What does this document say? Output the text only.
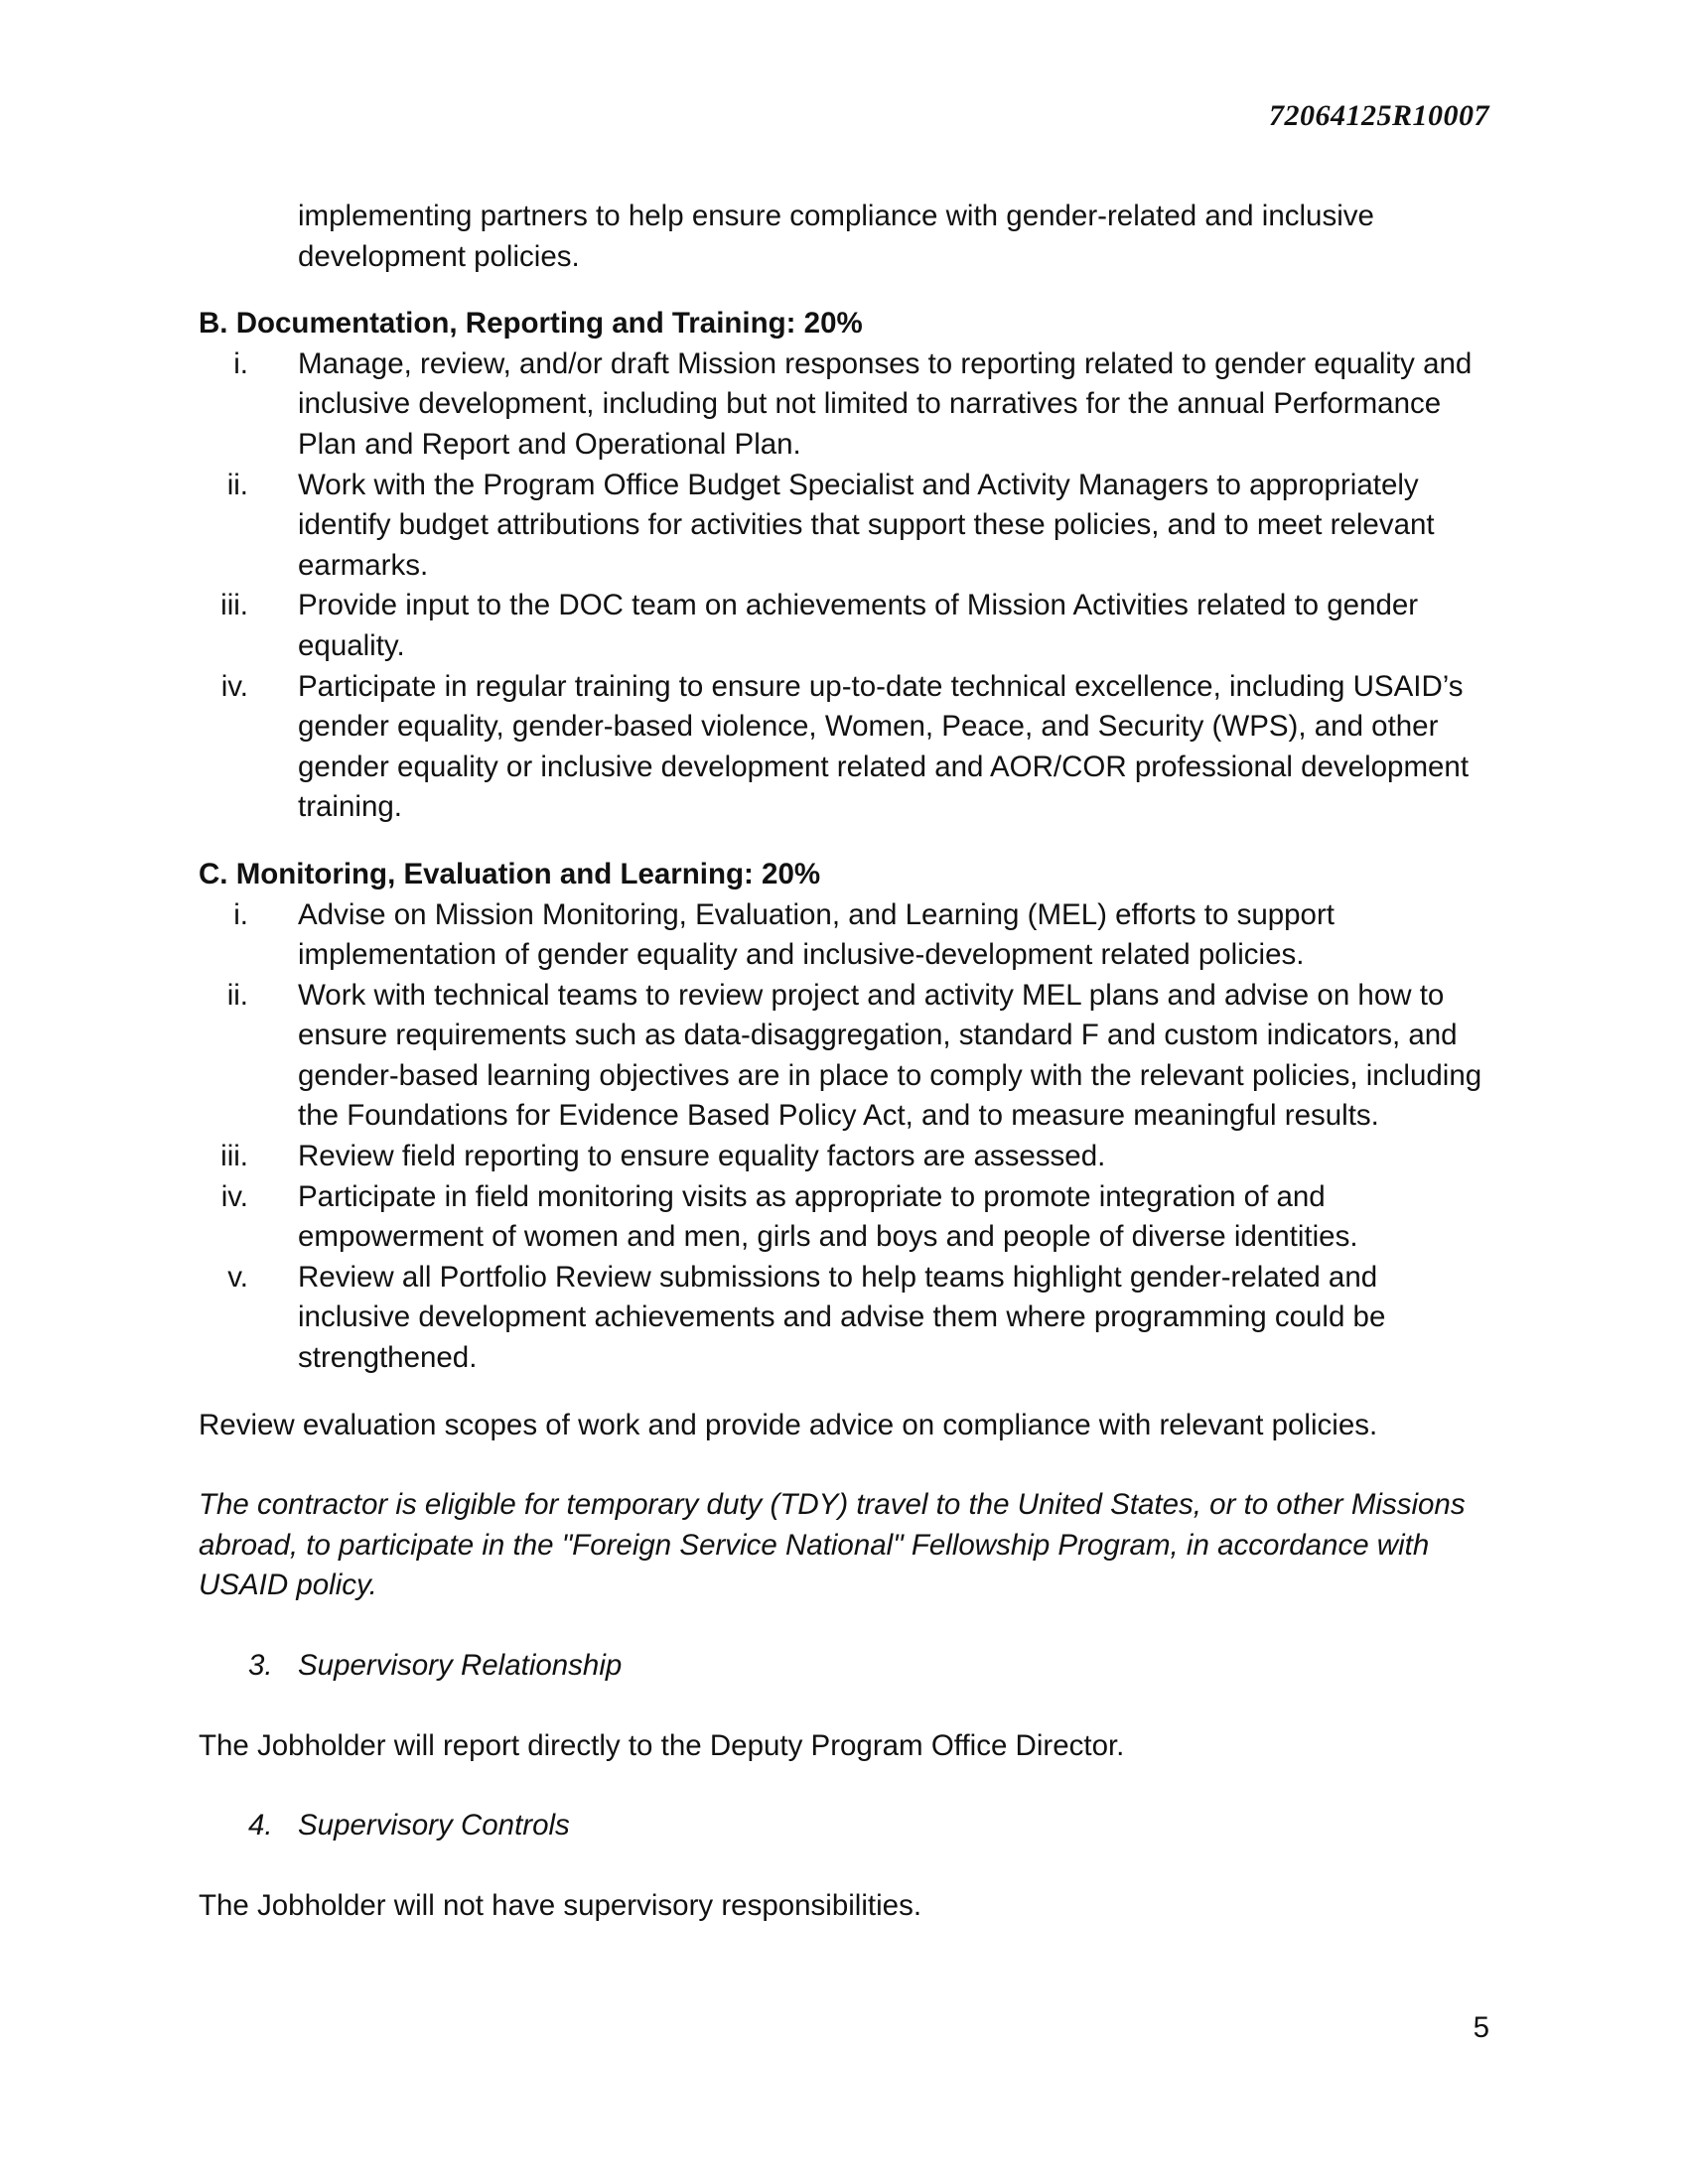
72064125R10007

implementing partners to help ensure compliance with gender-related and inclusive development policies.

B. Documentation, Reporting and Training: 20%

i. Manage, review, and/or draft Mission responses to reporting related to gender equality and inclusive development, including but not limited to narratives for the annual Performance Plan and Report and Operational Plan.
ii. Work with the Program Office Budget Specialist and Activity Managers to appropriately identify budget attributions for activities that support these policies, and to meet relevant earmarks.
iii. Provide input to the DOC team on achievements of Mission Activities related to gender equality.
iv. Participate in regular training to ensure up-to-date technical excellence, including USAID’s gender equality, gender-based violence, Women, Peace, and Security (WPS), and other gender equality or inclusive development related and AOR/COR professional development training.

C. Monitoring, Evaluation and Learning: 20%

i. Advise on Mission Monitoring, Evaluation, and Learning (MEL) efforts to support implementation of gender equality and inclusive-development related policies.
ii. Work with technical teams to review project and activity MEL plans and advise on how to ensure requirements such as data-disaggregation, standard F and custom indicators, and gender-based learning objectives are in place to comply with the relevant policies, including the Foundations for Evidence Based Policy Act, and to measure meaningful results.
iii. Review field reporting to ensure equality factors are assessed.
iv. Participate in field monitoring visits as appropriate to promote integration of and empowerment of women and men, girls and boys and people of diverse identities.
v. Review all Portfolio Review submissions to help teams highlight gender-related and inclusive development achievements and advise them where programming could be strengthened.

Review evaluation scopes of work and provide advice on compliance with relevant policies.

The contractor is eligible for temporary duty (TDY) travel to the United States, or to other Missions abroad, to participate in the "Foreign Service National" Fellowship Program, in accordance with USAID policy.

3. Supervisory Relationship

The Jobholder will report directly to the Deputy Program Office Director.

4. Supervisory Controls

The Jobholder will not have supervisory responsibilities.

5
